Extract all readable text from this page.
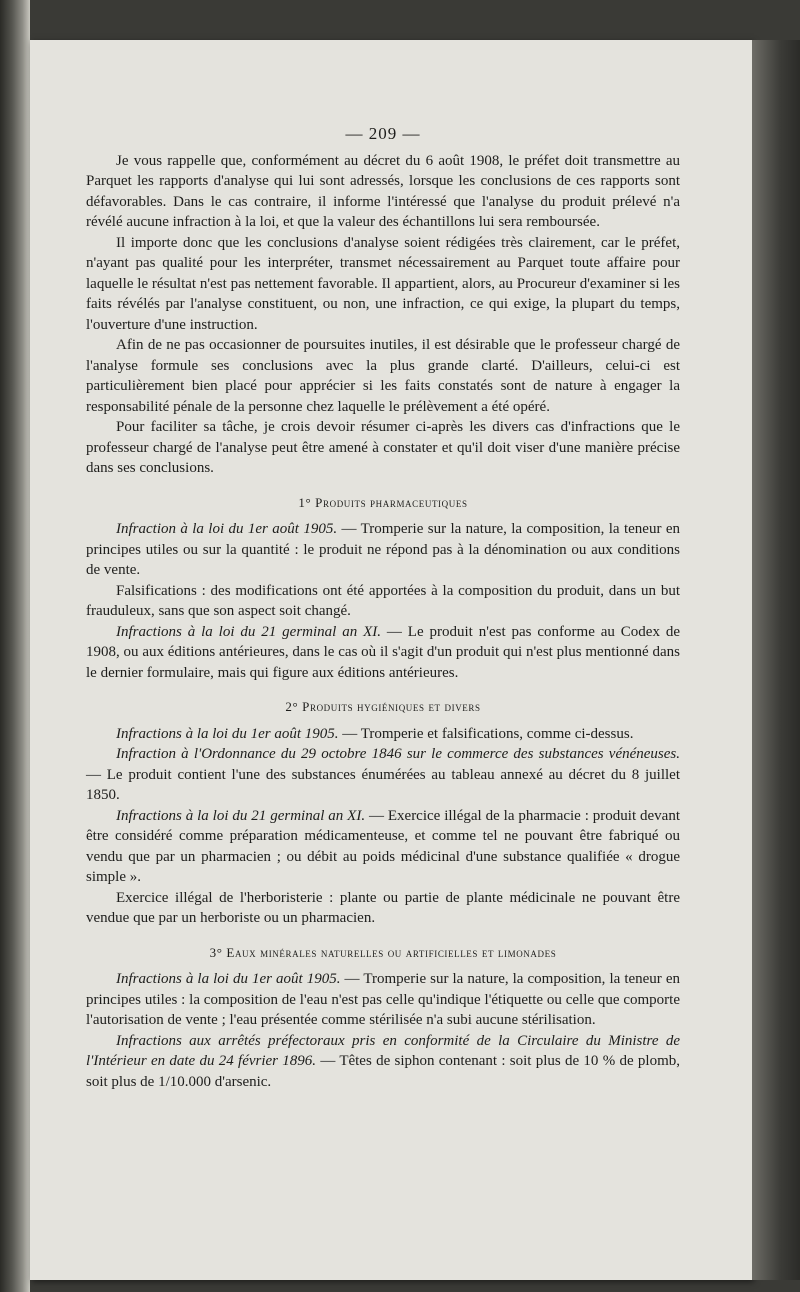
— 209 —

Je vous rappelle que, conformément au décret du 6 août 1908, le préfet doit transmettre au Parquet les rapports d'analyse qui lui sont adressés, lorsque les conclusions de ces rapports sont défavorables. Dans le cas contraire, il informe l'intéressé que l'analyse du produit prélevé n'a révélé aucune infraction à la loi, et que la valeur des échantillons lui sera remboursée.

Il importe donc que les conclusions d'analyse soient rédigées très clairement, car le préfet, n'ayant pas qualité pour les interpréter, transmet nécessairement au Parquet toute affaire pour laquelle le résultat n'est pas nettement favorable. Il appartient, alors, au Procureur d'examiner si les faits révélés par l'analyse constituent, ou non, une infraction, ce qui exige, la plupart du temps, l'ouverture d'une instruction.

Afin de ne pas occasionner de poursuites inutiles, il est désirable que le professeur chargé de l'analyse formule ses conclusions avec la plus grande clarté. D'ailleurs, celui-ci est particulièrement bien placé pour apprécier si les faits constatés sont de nature à engager la responsabilité pénale de la personne chez laquelle le prélèvement a été opéré.

Pour faciliter sa tâche, je crois devoir résumer ci-après les divers cas d'infractions que le professeur chargé de l'analyse peut être amené à constater et qu'il doit viser d'une manière précise dans ses conclusions.

1° Produits pharmaceutiques

Infraction à la loi du 1er août 1905. — Tromperie sur la nature, la composition, la teneur en principes utiles ou sur la quantité : le produit ne répond pas à la dénomination ou aux conditions de vente.

Falsifications : des modifications ont été apportées à la composition du produit, dans un but frauduleux, sans que son aspect soit changé.

Infractions à la loi du 21 germinal an XI. — Le produit n'est pas conforme au Codex de 1908, ou aux éditions antérieures, dans le cas où il s'agit d'un produit qui n'est plus mentionné dans le dernier formulaire, mais qui figure aux éditions antérieures.

2° Produits hygiéniques et divers

Infractions à la loi du 1er août 1905. — Tromperie et falsifications, comme ci-dessus.

Infraction à l'Ordonnance du 29 octobre 1846 sur le commerce des substances vénéneuses. — Le produit contient l'une des substances énumérées au tableau annexé au décret du 8 juillet 1850.

Infractions à la loi du 21 germinal an XI. — Exercice illégal de la pharmacie : produit devant être considéré comme préparation médicamenteuse, et comme tel ne pouvant être fabriqué ou vendu que par un pharmacien ; ou débit au poids médicinal d'une substance qualifiée « drogue simple ».

Exercice illégal de l'herboristerie : plante ou partie de plante médicinale ne pouvant être vendue que par un herboriste ou un pharmacien.

3° Eaux minérales naturelles ou artificielles et limonades

Infractions à la loi du 1er août 1905. — Tromperie sur la nature, la composition, la teneur en principes utiles : la composition de l'eau n'est pas celle qu'indique l'étiquette ou celle que comporte l'autorisation de vente ; l'eau présentée comme stérilisée n'a subi aucune stérilisation.

Infractions aux arrêtés préfectoraux pris en conformité de la Circulaire du Ministre de l'Intérieur en date du 24 février 1896. — Têtes de siphon contenant : soit plus de 10 % de plomb, soit plus de 1/10.000 d'arsenic.
